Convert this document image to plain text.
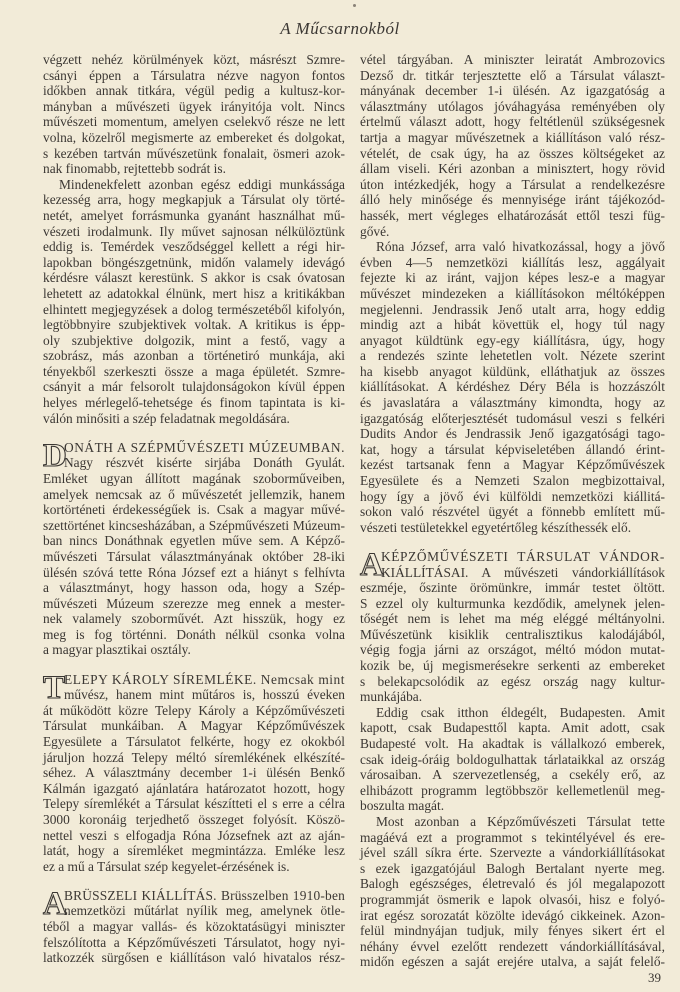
A Műcsarnokból
végzett nehéz körülmények közt, másrészt Szmre-
csányi éppen a Társulatra nézve nagyon fontos
időkben annak titkára, végül pedig a kultusz-kor-
mányban a művészeti ügyek irányitója volt. Nincs
művészeti momentum, amelyen cselekvő része ne lett
volna, közelről megismerte az embereket és dolgokat,
s kezében tartván művészetünk fonalait, ösmeri azok-
nak finomabb, rejtettebb sodrát is.
Mindenekfelett azonban egész eddigi munkássága
kezesség arra, hogy megkapjuk a Társulat oly törté-
netét, amelyet forrásmunka gyanánt használhat mű-
vészeti irodalmunk. Ily művet sajnosan nélkülöztünk
eddig is. Temérdek vesződséggel kellett a régi hir-
lapokban böngészgetnünk, midőn valamely idevágó
kérdésre választ kerestünk. S akkor is csak óvatosan
lehetett az adatokkal élnünk, mert hisz a kritikákban
elhintett megjegyzések a dolog természetéből kifolyón,
legtöbbnyire szubjektivek voltak. A kritikus is épp-
oly szubjektive dolgozik, mint a festő, vagy a
szobrász, más azonban a történetiró munkája, aki
tényekből szerkeszti össze a maga épületét. Szmre-
csányit a már felsorolt tulajdonságokon kívül éppen
helyes mérlegelő-tehetsége és finom tapintata is ki-
válón minősiti a szép feladatnak megoldására.
D
ONÁTH A SZÉPMŰVÉSZETI MÚZEUMBAN.
Nagy részvét kisérte sirjába Donáth Gyulát.
Emléket ugyan állított magának szoborműveiben,
amelyek nemcsak az ő művészetét jellemzik, hanem
kortörténeti érdekességűek is. Csak a magyar művé-
szettörténet kincsesházában, a Szépművészeti Múzeum-
ban nincs Donáthnak egyetlen műve sem. A Képző-
művészeti Társulat választmányának október 28-iki
ülésén szóvá tette Róna József ezt a hiányt s felhívta
a választmányt, hogy hasson oda, hogy a Szép-
művészeti Múzeum szerezze meg ennek a mester-
nek valamely szoborművét. Azt hisszük, hogy ez
meg is fog történni. Donáth nélkül csonka volna
a magyar plasztikai osztály.
T
ELEPY KÁROLY SÍREMLÉKE. Nemcsak mint
művész, hanem mint műtáros is, hosszú éveken
át működött közre Telepy Károly a Képzőművészeti
Társulat munkáiban. A Magyar Képzőművészek
Egyesülete a Társulatot felkérte, hogy ez okokból
járuljon hozzá Telepy méltó síremlékének elkészíté-
séhez. A választmány december 1-i ülésén Benkő
Kálmán igazgató ajánlatára határozatot hozott, hogy
Telepy síremlékét a Társulat készítteti el s erre a célra
3000 koronáig terjedhető összeget folyósít. Köszö-
nettel veszi s elfogadja Róna Józsefnek azt az aján-
latát, hogy a síremléket megmintázza. Emléke lesz
ez a mű a Társulat szép kegyelet-érzésének is.
A
BRÜSSZELI KIÁLLÍTÁS. Brüsszelben 1910-ben
nemzetközi műtárlat nyílik meg, amelynek ötle-
téből a magyar vallás- és közoktatásügyi miniszter
felszólította a Képzőművészeti Társulatot, hogy nyi-
latkozzék sürgősen e kiállításon való hivatalos rész-
vétel tárgyában. A miniszter leiratát Ambrozovics
Dezső dr. titkár terjesztette elő a Társulat választ-
mányának december 1-i ülésén. Az igazgatóság a
választmány utólagos jóváhagyása reményében oly
értelmű választ adott, hogy feltétlenül szükségesnek
tartja a magyar művészetnek a kiállításon való rész-
vételét, de csak úgy, ha az összes költségeket az
állam viseli. Kéri azonban a minisztert, hogy rövid
úton intézkedjék, hogy a Társulat a rendelkezésre
álló hely minősége és mennyisége iránt tájékozód-
hassék, mert végleges elhatározását ettől teszi füg-
gővé.
Róna József, arra való hivatkozással, hogy a jövő
évben 4—5 nemzetközi kiállítás lesz, aggályait
fejezte ki az iránt, vajjon képes lesz-e a magyar
művészet mindezeken a kiállításokon méltóképpen
megjelenni. Jendrassik Jenő utalt arra, hogy eddig
mindig azt a hibát követtük el, hogy túl nagy
anyagot küldtünk egy-egy kiállításra, úgy, hogy
a rendezés szinte lehetetlen volt. Nézete szerint
ha kisebb anyagot küldünk, elláthatjuk az összes
kiállításokat. A kérdéshez Déry Béla is hozzászólt
és javaslatára a választmány kimondta, hogy az
igazgatóság előterjesztését tudomásul veszi s felkéri
Dudits Andor és Jendrassik Jenő igazgatósági tago-
kat, hogy a társulat képviseletében állandó érint-
kezést tartsanak fenn a Magyar Képzőművészek
Egyesülete és a Nemzeti Szalon megbizottaival,
hogy így a jövő évi külföldi nemzetközi kiállitá-
sokon való részvétel ügyét a fönnebb említett mű-
vészeti testületekkel egyetértőleg készíthessék elő.
A
KÉPZŐMŰVÉSZETI TÁRSULAT VÁNDOR-
KIÁLLÍTÁSAI. A művészeti vándorkiállítások
eszméje, őszinte örömünkre, immár testet öltött.
S ezzel oly kulturmunka kezdődik, amelynek jelen-
tőségét nem is lehet ma még eléggé méltányolni.
Művészetünk kisiklik centralisztikus kalodájából,
végig fogja járni az országot, méltó módon mutat-
kozik be, új megismerésekre serkenti az embereket
s belekapcsolódik az egész ország nagy kultur-
munkájába.
Eddig csak itthon éldegélt, Budapesten. Amit
kapott, csak Budapesttől kapta. Amit adott, csak
Budapesté volt. Ha akadtak is vállalkozó emberek,
csak ideig-óráig boldogulhattak tárlataikkal az ország
városaiban. A szervezetlenség, a csekély erő, az
elhibázott programm legtöbbször kellemetlenül meg-
boszulta magát.
Most azonban a Képzőművészeti Társulat tette
magáévá ezt a programmot s tekintélyével és ere-
jével száll síkra érte. Szervezte a vándorkiállításokat
s ezek igazgatójául Balogh Bertalant nyerte meg.
Balogh egészséges, életrevaló és jól megalapozott
programmját ösmerik e lapok olvasói, hisz e folyó-
irat egész sorozatát közölte idevágó cikkeinek. Azon-
felül mindnyájan tudjuk, mily fényes sikert ért el
néhány évvel ezelőtt rendezett vándorkiállításával,
midőn egészen a saját erejére utalva, a saját felelő-
39
